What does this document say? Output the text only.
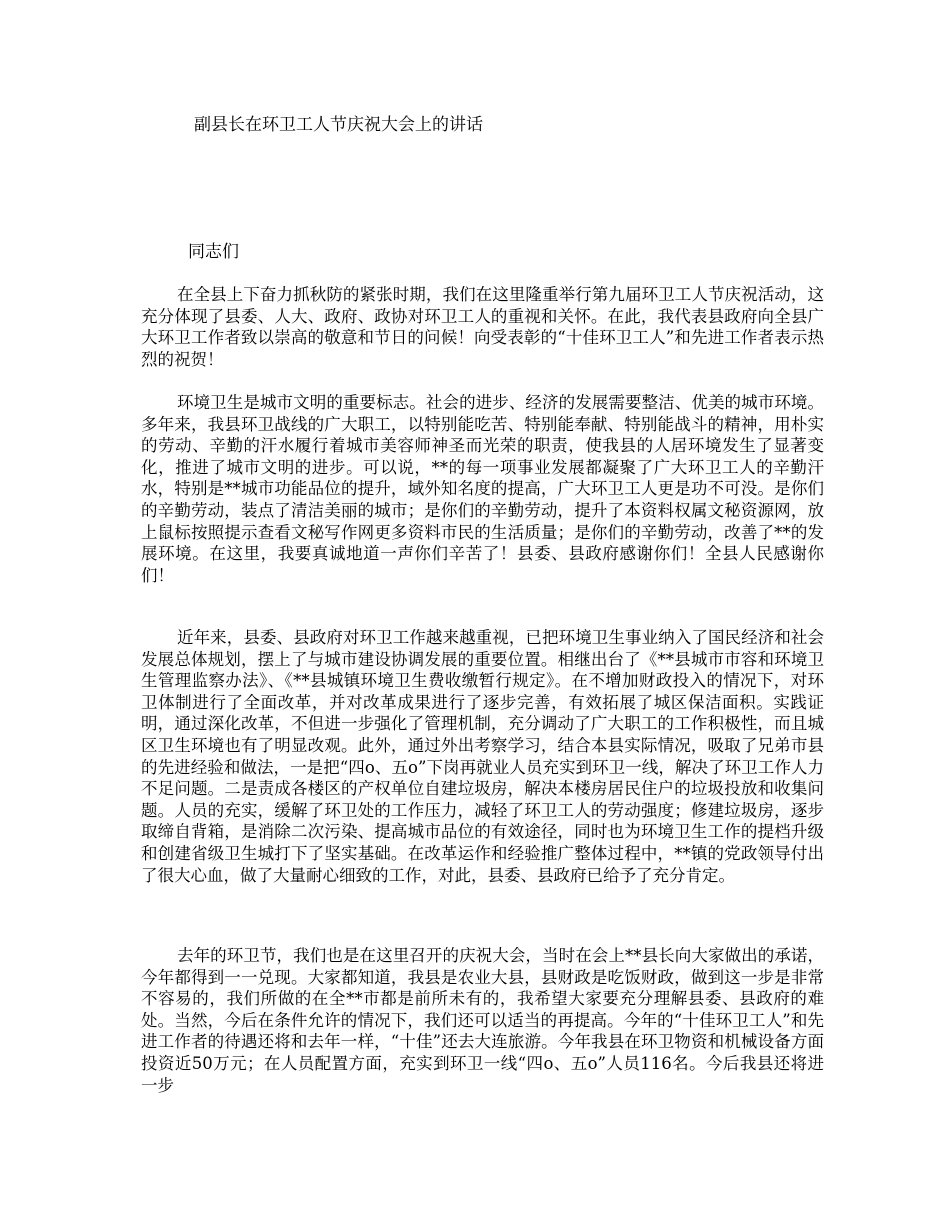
副县长在环卫工人节庆祝大会上的讲话
同志们

在全县上下奋力抓秋防的紧张时期，我们在这里隆重举行第九届环卫工人节庆祝活动，这充分体现了县委、人大、政府、政协对环卫工人的重视和关怀。在此，我代表县政府向全县广大环卫工作者致以崇高的敬意和节日的问候！向受表彰的“十佳环卫工人”和先进工作者表示热烈的祝贺！

环境卫生是城市文明的重要标志。社会的进步、经济的发展需要整洁、优美的城市环境。多年来，我县环卫战线的广大职工，以特别能吃苦、特别能奉献、特别能战斗的精神，用朴实的劳动、辛勤的汗水履行着城市美容师神圣而光荣的职责，使我县的人居环境发生了显著变化，推进了城市文明的进步。可以说，**的每一项事业发展都凝聚了广大环卫工人的辛勤汗水，特别是**城市功能品位的提升，域外知名度的提高，广大环卫工人更是功不可没。是你们的辛勤劳动，装点了清洁美丽的城市；是你们的辛勤劳动，提升了本资料权属文秘资源网，放上鼠标按照提示查看文秘写作网更多资料市民的生活质量；是你们的辛勤劳动，改善了**的发展环境。在这里，我要真诚地道一声你们辛苦了！县委、县政府感谢你们！全县人民感谢你们！

近年来，县委、县政府对环卫工作越来越重视，已把环境卫生事业纳入了国民经济和社会发展总体规划，摆上了与城市建设协调发展的重要位置。相继出台了《**县城市市容和环境卫生管理监察办法》、《**县城镇环境卫生费收缴暂行规定》。在不增加财政投入的情况下，对环卫体制进行了全面改革，并对改革成果进行了逐步完善，有效拓展了城区保洁面积。实践证明，通过深化改革，不但进一步强化了管理机制，充分调动了广大职工的工作积极性，而且城区卫生环境也有了明显改观。此外，通过外出考察学习，结合本县实际情况，吸取了兄弟市县的先进经验和做法，一是把“四o、五o”下岗再就业人员充实到环卫一线，解决了环卫工作人力不足问题。二是责成各楼区的产权单位自建垃圾房，解决本楼房居民住户的垃圾投放和收集问题。人员的充实，缓解了环卫处的工作压力，减轻了环卫工人的劳动强度；修建垃圾房，逐步取缔自背箱，是消除二次污染、提高城市品位的有效途径，同时也为环境卫生工作的提档升级和创建省级卫生城打下了坚实基础。在改革运作和经验推广整体过程中，**镇的党政领导付出了很大心血，做了大量耐心细致的工作，对此，县委、县政府已给予了充分肯定。

去年的环卫节，我们也是在这里召开的庆祝大会，当时在会上**县长向大家做出的承诺，今年都得到一一兑现。大家都知道，我县是农业大县，县财政是吃饭财政，做到这一步是非常不容易的，我们所做的在全**市都是前所未有的，我希望大家要充分理解县委、县政府的难处。当然，今后在条件允许的情况下，我们还可以适当的再提高。今年的“十佳环卫工人”和先进工作者的待遇还将和去年一样，“十佳”还去大连旅游。今年我县在环卫物资和机械设备方面投资近50万元；在人员配置方面，充实到环卫一线“四o、五o”人员116名。今后我县还将进一步
